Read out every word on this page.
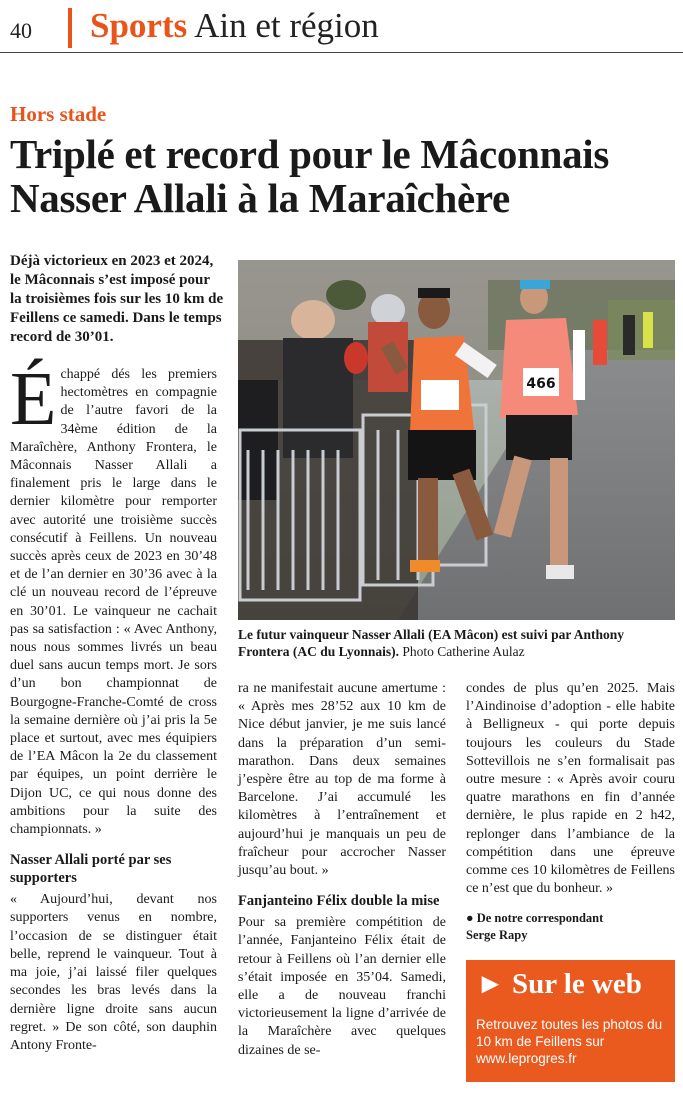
40 Sports Ain et région
Hors stade
Triplé et record pour le Mâconnais Nasser Allali à la Maraîchère

Déjà victorieux en 2023 et 2024, le Mâconnais s’est imposé pour la troisièmes fois sur les 10 km de Feillens ce samedi. Dans le temps record de 30’01.

É chappé dés les premiers hectomètres en compagnie de l’autre favori de la 34ème édition de la Maraîchère, Anthony Frontera, le Mâconnais Nasser Allali a finalement pris le large dans le dernier kilomètre pour remporter avec autorité une troisième succès consécutif à Feillens. Un nouveau succès après ceux de 2023 en 30’48 et de l’an dernier en 30’36 avec à la clé un nouveau record de l’épreuve en 30’01. Le vainqueur ne cachait pas sa satisfaction : « Avec Anthony, nous nous sommes livrés un beau duel sans aucun temps mort. Je sors d’un bon championnat de Bourgogne-Franche-Comté de cross la semaine dernière où j’ai pris la 5e place et surtout, avec mes équipiers de l’EA Mâcon la 2e du classement par équipes, un point derrière le Dijon UC, ce qui nous donne des ambitions pour la suite des championnats. »

Nasser Allali porté par ses supporters

« Aujourd’hui, devant nos supporters venus en nombre, l’occasion de se distinguer était belle, reprend le vainqueur. Tout à ma joie, j’ai laissé filer quelques secondes les bras levés dans la dernière ligne droite sans aucun regret. » De son côté, son dauphin Antony Fronte-

ra ne manifestait aucune amertume : « Après mes 28’52 aux 10 km de Nice début janvier, je me suis lancé dans la préparation d’un semi-marathon. Dans deux semaines j’espère être au top de ma forme à Barcelone. J’ai accumulé les kilomètres à l’entraînement et aujourd’hui je manquais un peu de fraîcheur pour accrocher Nasser jusqu’au bout. »

Fanjanteino Félix double la mise

Pour sa première compétition de l’année, Fanjanteino Félix était de retour à Feillens où l’an dernier elle s’était imposée en 35’04. Samedi, elle a de nouveau franchi victorieusement la ligne d’arrivée de la Maraîchère avec quelques dizaines de se-

condes de plus qu’en 2025. Mais l’Aindinoise d’adoption - elle habite à Belligneux - qui porte depuis toujours les couleurs du Stade Sottevillois ne s’en formalisait pas outre mesure : « Après avoir couru quatre marathons en fin d’année dernière, le plus rapide en 2 h42, replonger dans l’ambiance de la compétition dans une épreuve comme ces 10 kilomètres de Feillens ce n’est que du bonheur. »

● De notre correspondant
Serge Rapy
466

Le futur vainqueur Nasser Allali (EA Mâcon) est suivi par Anthony Frontera (AC du Lyonnais). Photo Catherine Aulaz

► Sur le web

Retrouvez toutes les photos du 10 km de Feillens sur www.leprogres.fr
